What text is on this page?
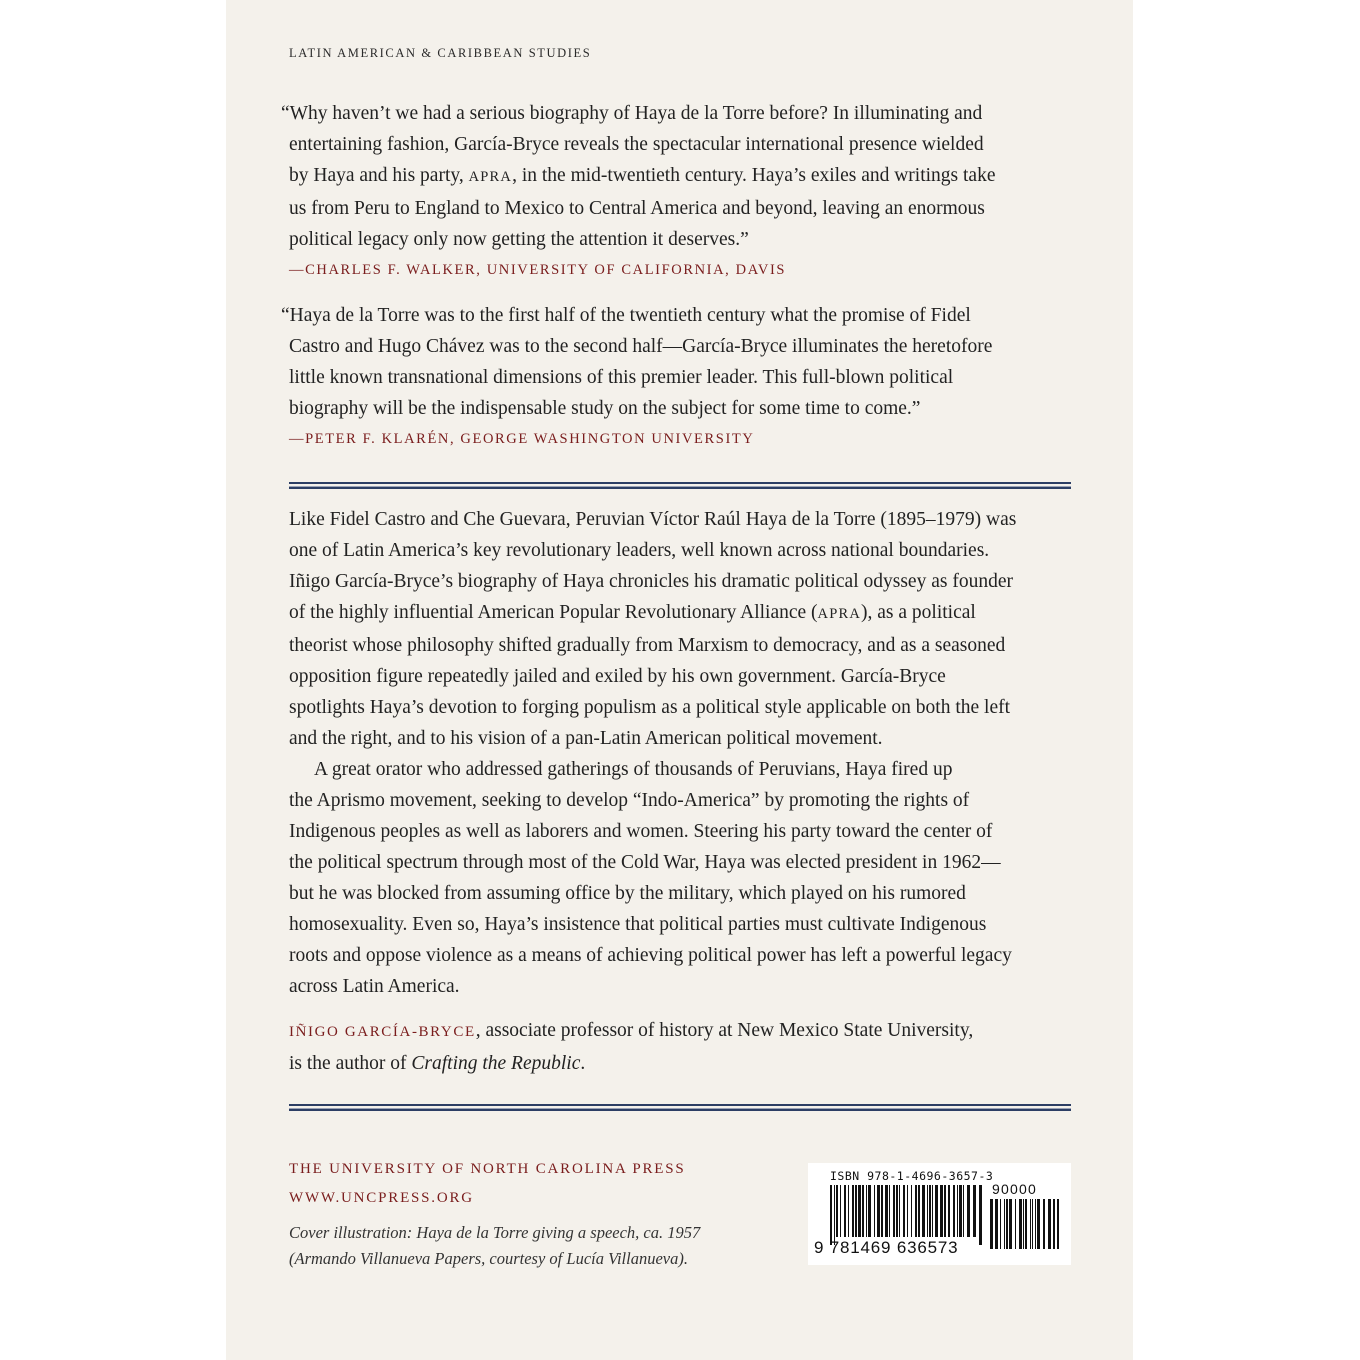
LATIN AMERICAN & CARIBBEAN STUDIES

“Why haven’t we had a serious biography of Haya de la Torre before? In illuminating and

entertaining fashion, García-Bryce reveals the spectacular international presence wielded

by Haya and his party, APRA, in the mid-twentieth century. Haya’s exiles and writings take

us from Peru to England to Mexico to Central America and beyond, leaving an enormous

political legacy only now getting the attention it deserves.”

—CHARLES F. WALKER, UNIVERSITY OF CALIFORNIA, DAVIS

“Haya de la Torre was to the first half of the twentieth century what the promise of Fidel

Castro and Hugo Chávez was to the second half—García-Bryce illuminates the heretofore

little known transnational dimensions of this premier leader. This full-blown political

biography will be the indispensable study on the subject for some time to come.”

—PETER F. KLARÉN, GEORGE WASHINGTON UNIVERSITY

Like Fidel Castro and Che Guevara, Peruvian Víctor Raúl Haya de la Torre (1895–1979) was

one of Latin America’s key revolutionary leaders, well known across national boundaries.

Iñigo García-Bryce’s biography of Haya chronicles his dramatic political odyssey as founder

of the highly influential American Popular Revolutionary Alliance (APRA), as a political

theorist whose philosophy shifted gradually from Marxism to democracy, and as a seasoned

opposition figure repeatedly jailed and exiled by his own government. García-Bryce

spotlights Haya’s devotion to forging populism as a political style applicable on both the left

and the right, and to his vision of a pan-Latin American political movement.

A great orator who addressed gatherings of thousands of Peruvians, Haya fired up

the Aprismo movement, seeking to develop “Indo-America” by promoting the rights of

Indigenous peoples as well as laborers and women. Steering his party toward the center of

the political spectrum through most of the Cold War, Haya was elected president in 1962—

but he was blocked from assuming office by the military, which played on his rumored

homosexuality. Even so, Haya’s insistence that political parties must cultivate Indigenous

roots and oppose violence as a means of achieving political power has left a powerful legacy

across Latin America.

IÑIGO GARCÍA-BRYCE, associate professor of history at New Mexico State University,

is the author of Crafting the Republic.

THE UNIVERSITY OF NORTH CAROLINA PRESS
WWW.UNCPRESS.ORG
Cover illustration: Haya de la Torre giving a speech, ca. 1957
(Armando Villanueva Papers, courtesy of Lucía Villanueva).
ISBN 978-1-4696-3657-3
9 781469 636573
90000
